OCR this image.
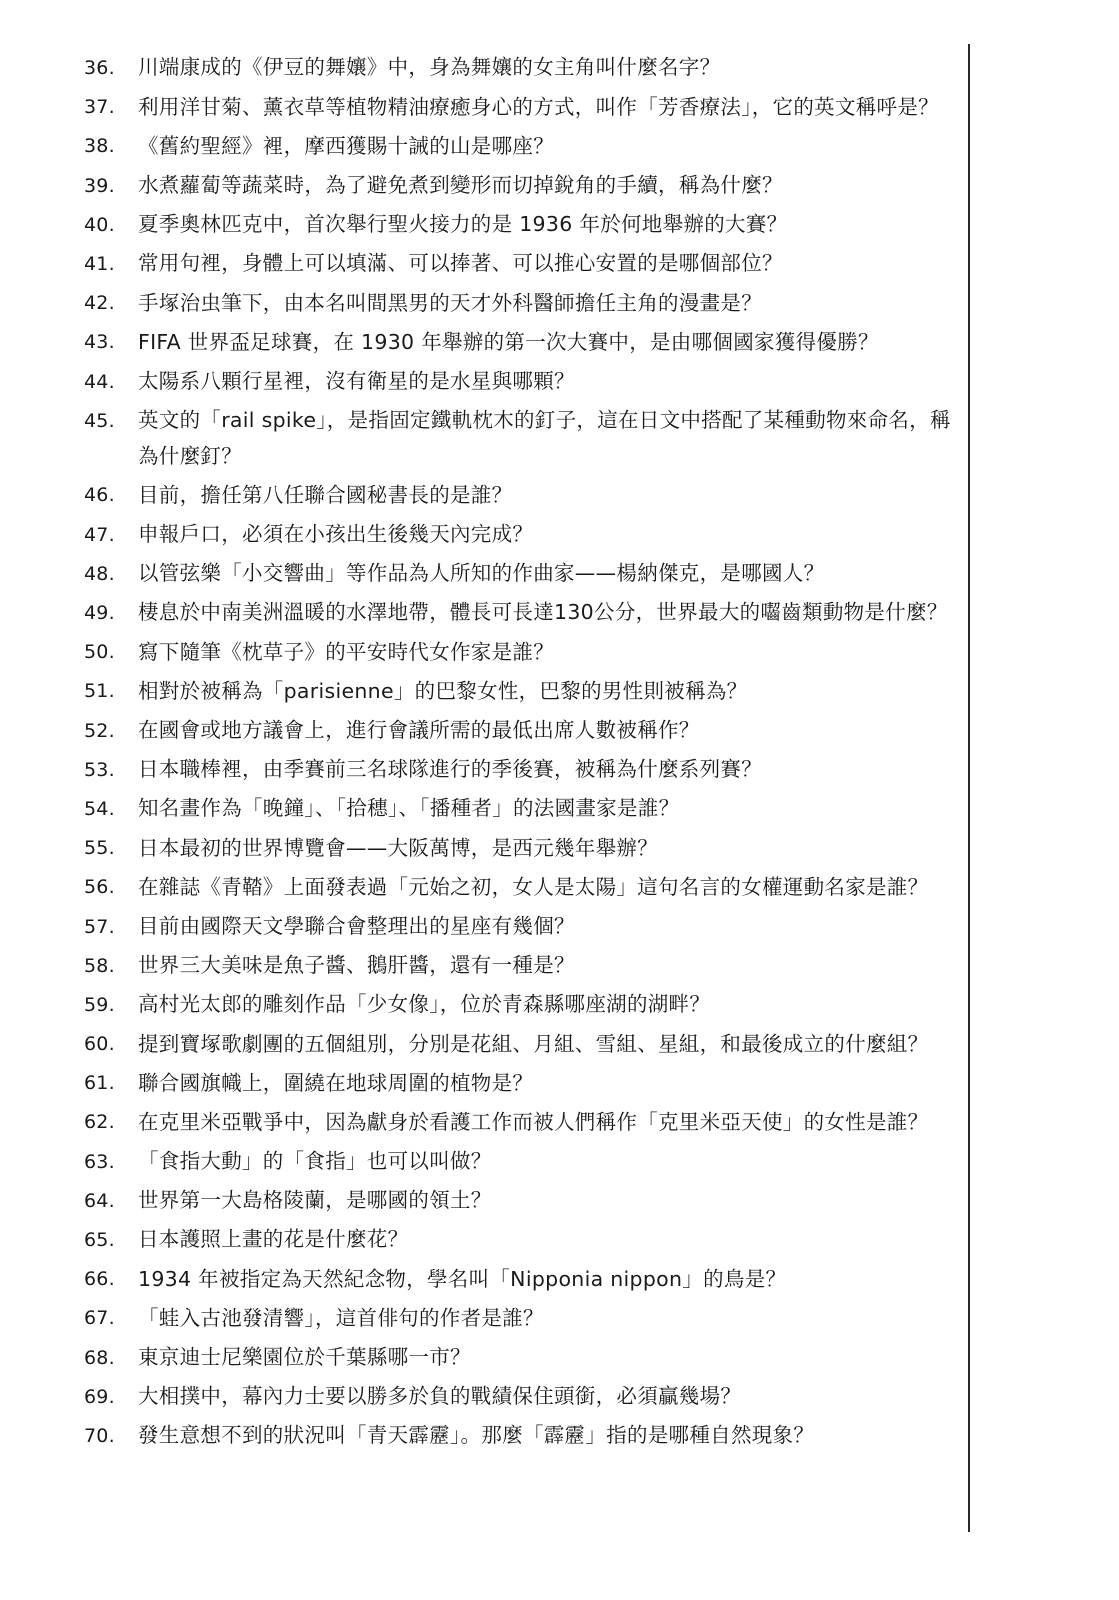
36.	川端康成的《伊豆的舞孃》中，身為舞孃的女主角叫什麼名字？
37.	利用洋甘菊、薰衣草等植物精油療癒身心的方式，叫作「芳香療法」，它的英文稱呼是？
38.	《舊約聖經》裡，摩西獲賜十誡的山是哪座？
39.	水煮蘿蔔等蔬菜時，為了避免煮到變形而切掉銳角的手續，稱為什麼？
40.	夏季奧林匹克中，首次舉行聖火接力的是 1936 年於何地舉辦的大賽？
41.	常用句裡，身體上可以填滿、可以捧著、可以推心安置的是哪個部位？
42.	手塚治虫筆下，由本名叫間黑男的天才外科醫師擔任主角的漫畫是？
43.	FIFA 世界盃足球賽，在 1930 年舉辦的第一次大賽中，是由哪個國家獲得優勝？
44.	太陽系八顆行星裡，沒有衛星的是水星與哪顆？
45.	英文的「rail spike」，是指固定鐵軌枕木的釘子，這在日文中搭配了某種動物來命名，稱為什麼釘？
46.	目前，擔任第八任聯合國秘書長的是誰？
47.	申報戶口，必須在小孩出生後幾天內完成？
48.	以管弦樂「小交響曲」等作品為人所知的作曲家——楊納傑克，是哪國人？
49.	棲息於中南美洲溫暖的水澤地帶，體長可長達130公分，世界最大的囓齒類動物是什麼？
50.	寫下隨筆《枕草子》的平安時代女作家是誰？
51.	相對於被稱為「parisienne」的巴黎女性，巴黎的男性則被稱為？
52.	在國會或地方議會上，進行會議所需的最低出席人數被稱作？
53.	日本職棒裡，由季賽前三名球隊進行的季後賽，被稱為什麼系列賽？
54.	知名畫作為「晚鐘」、「拾穗」、「播種者」的法國畫家是誰？
55.	日本最初的世界博覽會——大阪萬博，是西元幾年舉辦？
56.	在雜誌《青鞜》上面發表過「元始之初，女人是太陽」這句名言的女權運動名家是誰？
57.	目前由國際天文學聯合會整理出的星座有幾個？
58.	世界三大美味是魚子醬、鵝肝醬，還有一種是？
59.	高村光太郎的雕刻作品「少女像」，位於青森縣哪座湖的湖畔？
60.	提到寶塚歌劇團的五個組別，分別是花組、月組、雪組、星組，和最後成立的什麼組？
61.	聯合國旗幟上，圍繞在地球周圍的植物是？
62.	在克里米亞戰爭中，因為獻身於看護工作而被人們稱作「克里米亞天使」的女性是誰？
63.	「食指大動」的「食指」也可以叫做？
64.	世界第一大島格陵蘭，是哪國的領土？
65.	日本護照上畫的花是什麼花？
66.	1934 年被指定為天然紀念物，學名叫「Nipponia nippon」的鳥是？
67.	「蛙入古池發清響」，這首俳句的作者是誰？
68.	東京迪士尼樂園位於千葉縣哪一市？
69.	大相撲中，幕內力士要以勝多於負的戰績保住頭銜，必須贏幾場？
70.	發生意想不到的狀況叫「青天霹靂」。那麼「霹靂」指的是哪種自然現象？
